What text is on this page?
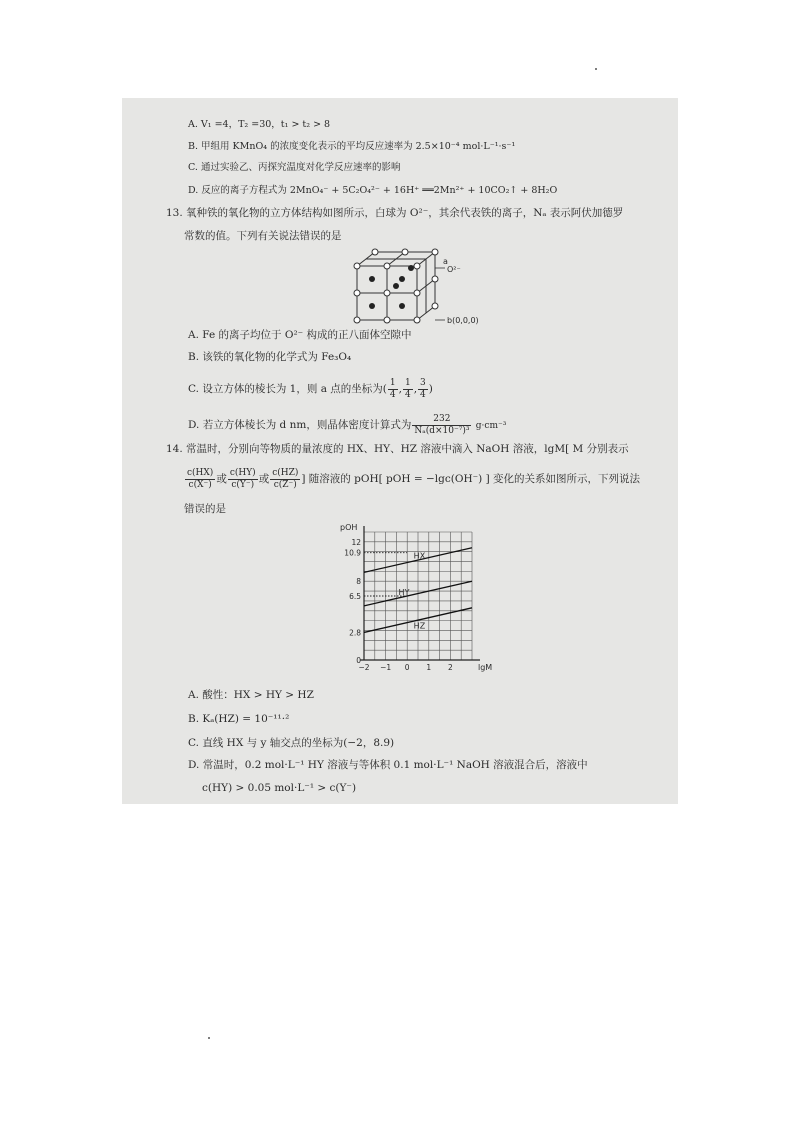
A. V₁ =4，T₂ =30，t₁ > t₂ > 8
B. 甲组用 KMnO₄ 的浓度变化表示的平均反应速率为 2.5×10⁻⁴ mol·L⁻¹·s⁻¹
C. 通过实验乙、丙探究温度对化学反应速率的影响
D. 反应的离子方程式为 2MnO₄⁻ + 5C₂O₄²⁻ + 16H⁺ ══2Mn²⁺ + 10CO₂↑ + 8H₂O
13. 氧种铁的氧化物的立方体结构如图所示，白球为 O²⁻，其余代表铁的离子，Nₐ 表示阿伏加德罗
常数的值。下列有关说法错误的是
a
O²⁻
b(0,0,0)
A. Fe 的离子均位于 O²⁻ 构成的正八面体空隙中
B. 该铁的氧化物的化学式为 Fe₃O₄
C. 设立方体的棱长为 1，则 a 点的坐标为( $\frac{1}{4}$ , $\frac{1}{4}$ , $\frac{3}{4}$ )
D. 若立方体棱长为 d nm，则晶体密度计算式为 $\frac{232}{\text{Nₐ(d×10⁻⁷)³}} g\cdot cm^{-3}$
14. 常温时，分别向等物质的量浓度的 HX、HY、HZ 溶液中滴入 NaOH 溶液，lgM[ M 分别表示
$\frac{c(HX)}{c(X^-)}$ 或 $\frac{c(HY)}{c(Y^-)}$ 或 $\frac{c(HZ)}{c(Z^-)}$ ] 随溶液的 pOH[ pOH = −lgc(OH⁻) ] 变化的关系如图所示，下列说法
错误的是
pOH
lgM
−2 −1 0 1 2
0
2.8
6.5
8
10.9
12
HX
HY
HZ
A. 酸性：HX > HY > HZ
B. Kₐ(HZ) = 10⁻¹¹·²
C. 直线 HX 与 y 轴交点的坐标为(−2，8.9)
D. 常温时，0.2 mol·L⁻¹ HY 溶液与等体积 0.1 mol·L⁻¹ NaOH 溶液混合后，溶液中
c(HY) > 0.05 mol·L⁻¹ > c(Y⁻)
